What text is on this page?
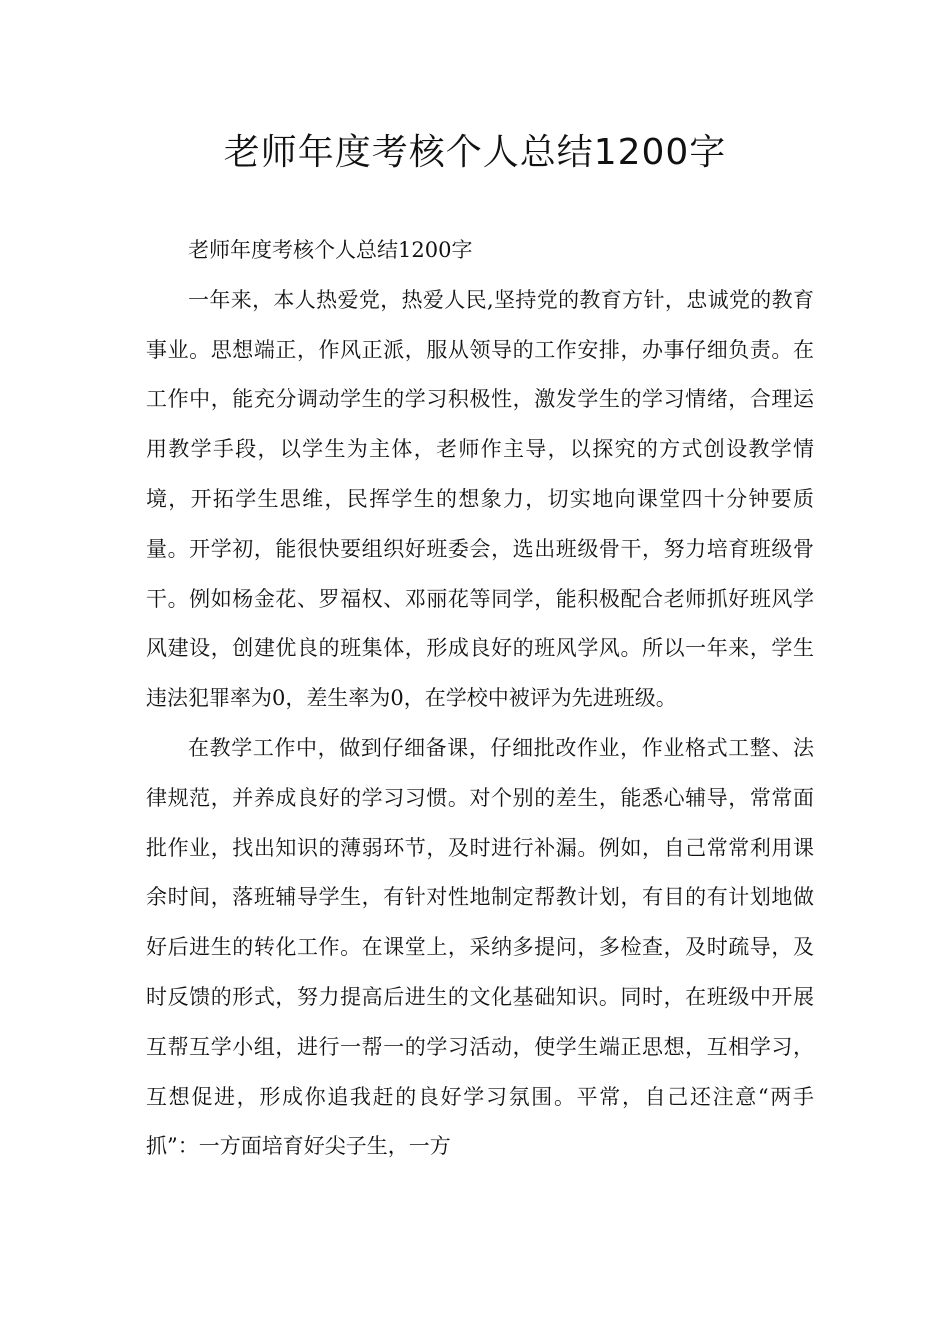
老师年度考核个人总结1200字

老师年度考核个人总结1200字

一年来，本人热爱党，热爱人民,坚持党的教育方针，忠诚党的教育事业。思想端正，作风正派，服从领导的工作安排，办事仔细负责。在工作中，能充分调动学生的学习积极性，激发学生的学习情绪，合理运用教学手段，以学生为主体，老师作主导，以探究的方式创设教学情境，开拓学生思维，民挥学生的想象力，切实地向课堂四十分钟要质量。开学初，能很快要组织好班委会，选出班级骨干，努力培育班级骨干。例如杨金花、罗福权、邓丽花等同学，能积极配合老师抓好班风学风建设，创建优良的班集体，形成良好的班风学风。所以一年来，学生违法犯罪率为0，差生率为0，在学校中被评为先进班级。

在教学工作中，做到仔细备课，仔细批改作业，作业格式工整、法律规范，并养成良好的学习习惯。对个别的差生，能悉心辅导，常常面批作业，找出知识的薄弱环节，及时进行补漏。例如，自己常常利用课余时间，落班辅导学生，有针对性地制定帮教计划，有目的有计划地做好后进生的转化工作。在课堂上，采纳多提问，多检查，及时疏导，及时反馈的形式，努力提高后进生的文化基础知识。同时，在班级中开展互帮互学小组，进行一帮一的学习活动，使学生端正思想，互相学习，互想促进，形成你追我赶的良好学习氛围。平常，自己还注意“两手抓”：一方面培育好尖子生，一方
